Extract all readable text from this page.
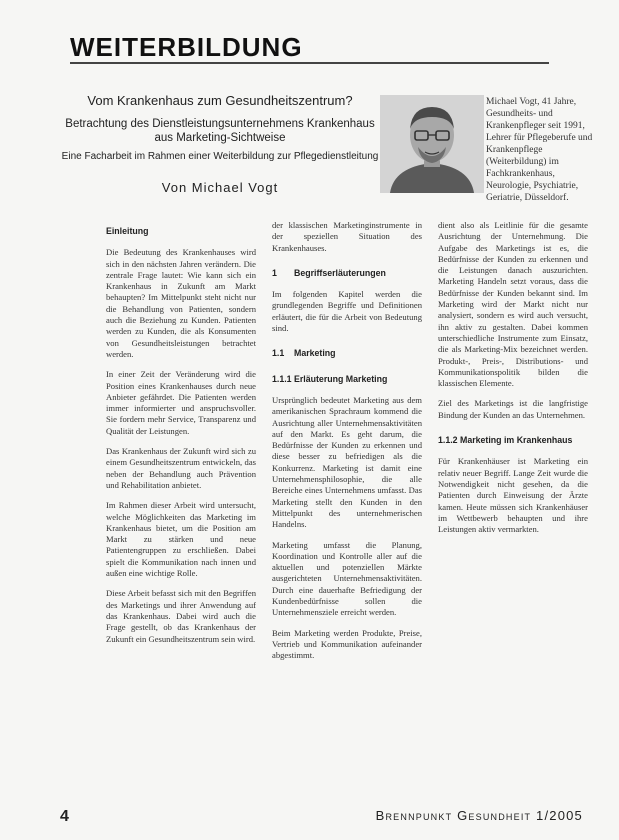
WEITERBILDUNG
Vom Krankenhaus zum Gesundheitszentrum?
Betrachtung des Dienstleistungsunternehmens Krankenhaus aus Marketing-Sichtweise
Eine Facharbeit im Rahmen einer Weiterbildung zur Pflegedienstleitung
Von Michael Vogt
Michael Vogt, 41 Jahre, Gesundheits- und Krankenpfleger seit 1991, Lehrer für Pflegeberufe und Krankenpflege (Weiterbildung) im Fachkrankenhaus, Neurologie, Psychiatrie, Geriatrie, Düsseldorf.
Einleitung
Die Bedeutung des Krankenhauses wird sich in den nächsten Jahren verändern. Die zentrale Frage lautet: Wie kann sich ein Krankenhaus in Zukunft am Markt behaupten? Im Mittelpunkt steht nicht nur die Behandlung von Patienten, sondern auch die Beziehung zu Kunden. Patienten werden zu Kunden, die als Konsumenten von Gesundheitsleistungen betrachtet werden.
In einer Zeit der Veränderung wird die Position eines Krankenhauses durch neue Anbieter gefährdet. Die Patienten werden immer informierter und anspruchsvoller. Sie fordern mehr Service, Transparenz und Qualität der Leistungen.
Das Krankenhaus der Zukunft wird sich zu einem Gesundheitszentrum entwickeln, das neben der Behandlung auch Prävention und Rehabilitation anbietet.
Im Rahmen dieser Arbeit wird untersucht, welche Möglichkeiten das Marketing im Krankenhaus bietet, um die Position am Markt zu stärken und neue Patientengruppen zu erschließen. Dabei spielt die Kommunikation nach innen und außen eine wichtige Rolle.
Diese Arbeit befasst sich mit den Begriffen des Marketings und ihrer Anwendung auf das Krankenhaus. Dabei wird auch die Frage gestellt, ob das Krankenhaus der Zukunft ein Gesundheitszentrum sein wird.
der klassischen Marketinginstrumente in der speziellen Situation des Krankenhauses.
1 Begriffserläuterungen
Im folgenden Kapitel werden die grundlegenden Begriffe und Definitionen erläutert, die für die Arbeit von Bedeutung sind.
1.1 Marketing
1.1.1 Erläuterung Marketing
Ursprünglich bedeutet Marketing aus dem amerikanischen Sprachraum kommend die Ausrichtung aller Unternehmensaktivitäten auf den Markt. Es geht darum, die Bedürfnisse der Kunden zu erkennen und diese besser zu befriedigen als die Konkurrenz. Marketing ist damit eine Unternehmensphilosophie, die alle Bereiche eines Unternehmens umfasst. Das Marketing stellt den Kunden in den Mittelpunkt des unternehmerischen Handelns.
Marketing umfasst die Planung, Koordination und Kontrolle aller auf die aktuellen und potenziellen Märkte ausgerichteten Unternehmensaktivitäten. Durch eine dauerhafte Befriedigung der Kundenbedürfnisse sollen die Unternehmensziele erreicht werden.
Beim Marketing werden Produkte, Preise, Vertrieb und Kommunikation aufeinander abgestimmt.
dient also als Leitlinie für die gesamte Ausrichtung der Unternehmung. Die Aufgabe des Marketings ist es, die Bedürfnisse der Kunden zu erkennen und die Leistungen danach auszurichten. Marketing Handeln setzt voraus, dass die Bedürfnisse der Kunden bekannt sind. Im Marketing wird der Markt nicht nur analysiert, sondern es wird auch versucht, ihn aktiv zu gestalten. Dabei kommen unterschiedliche Instrumente zum Einsatz, die als Marketing-Mix bezeichnet werden. Produkt-, Preis-, Distributions- und Kommunikationspolitik bilden die klassischen Elemente.
Ziel des Marketings ist die langfristige Bindung der Kunden an das Unternehmen.
1.1.2 Marketing im Krankenhaus
Für Krankenhäuser ist Marketing ein relativ neuer Begriff. Lange Zeit wurde die Notwendigkeit nicht gesehen, da die Patienten durch Einweisung der Ärzte kamen. Heute müssen sich Krankenhäuser im Wettbewerb behaupten und ihre Leistungen aktiv vermarkten.
4	Brennpunkt Gesundheit 1/2005
